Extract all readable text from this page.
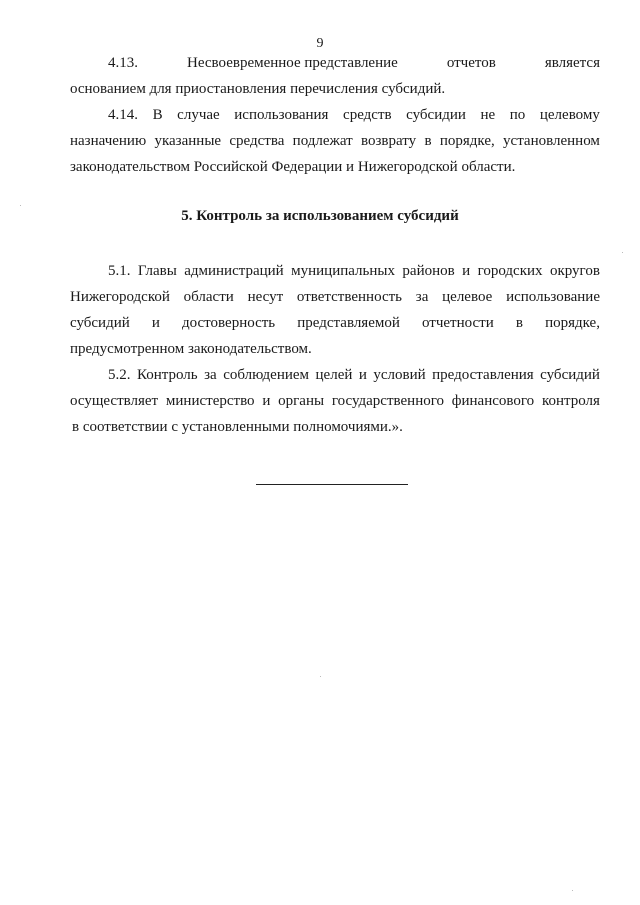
9
4.13.	Несвоевременное представление	отчетов	является
основанием для приостановления перечисления субсидий.
4.14. В случае использования средств субсидии не по целевому
назначению указанные средства подлежат возврату в порядке, установленном
законодательством Российской Федерации и Нижегородской области.
5. Контроль за использованием субсидий
5.1. Главы администраций муниципальных районов и городских округов
Нижегородской области несут ответственность за целевое использование
субсидий и достоверность представляемой отчетности в порядке,
предусмотренном законодательством.
5.2. Контроль за соблюдением целей и условий предоставления субсидий
осуществляет министерство и органы государственного финансового контроля
в соответствии с установленными полномочиями.».
